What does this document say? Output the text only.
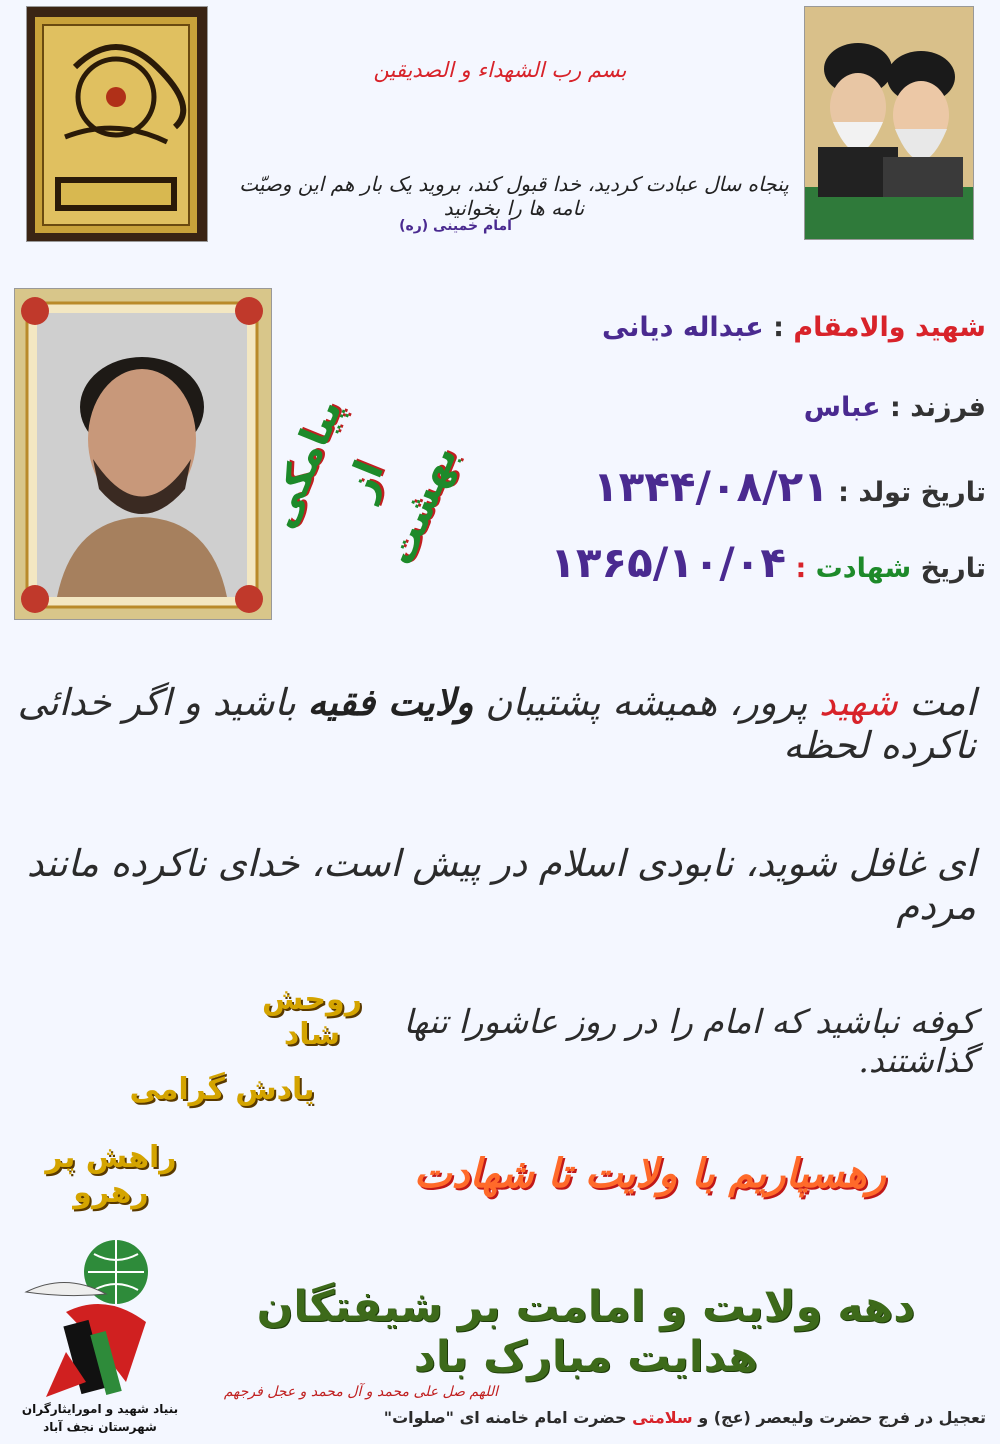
بسم رب الشهداء و الصدیقین
پنجاه سال عبادت کردید، خدا قبول کند، بروید یک بار هم این وصیّت نامه ها را بخوانید
امام خمینی (ره)
شهید والامقام : عبداله دیانی
فرزند : عباس
تاریخ تولد : ۱۳۴۴/۰۸/۲۱
تاریخ شهادت : ۱۳۶۵/۱۰/۰۴
پیامکی
از بهشت
امت شهید پرور، همیشه پشتیبان ولایت فقیه باشید و اگر خدائی ناکرده لحظه
ای غافل شوید، نابودی اسلام در پیش است، خدای ناکرده مانند مردم
کوفه نباشید که امام را در روز عاشورا تنها گذاشتند.
روحش شاد
یادش گرامی
راهش پر رهرو	رهسپاریم با ولایت تا شهادت
دهه ولایت و امامت بر شیفتگان هدایت مبارک باد
اللهم صل علی محمد و آل محمد و عجل فرجهم
تعجیل در فرج حضرت ولیعصر (عج) و سلامتی حضرت امام خامنه ای "صلوات"
بنیاد شهید و امورایثارگران
شهرستان نجف آباد
